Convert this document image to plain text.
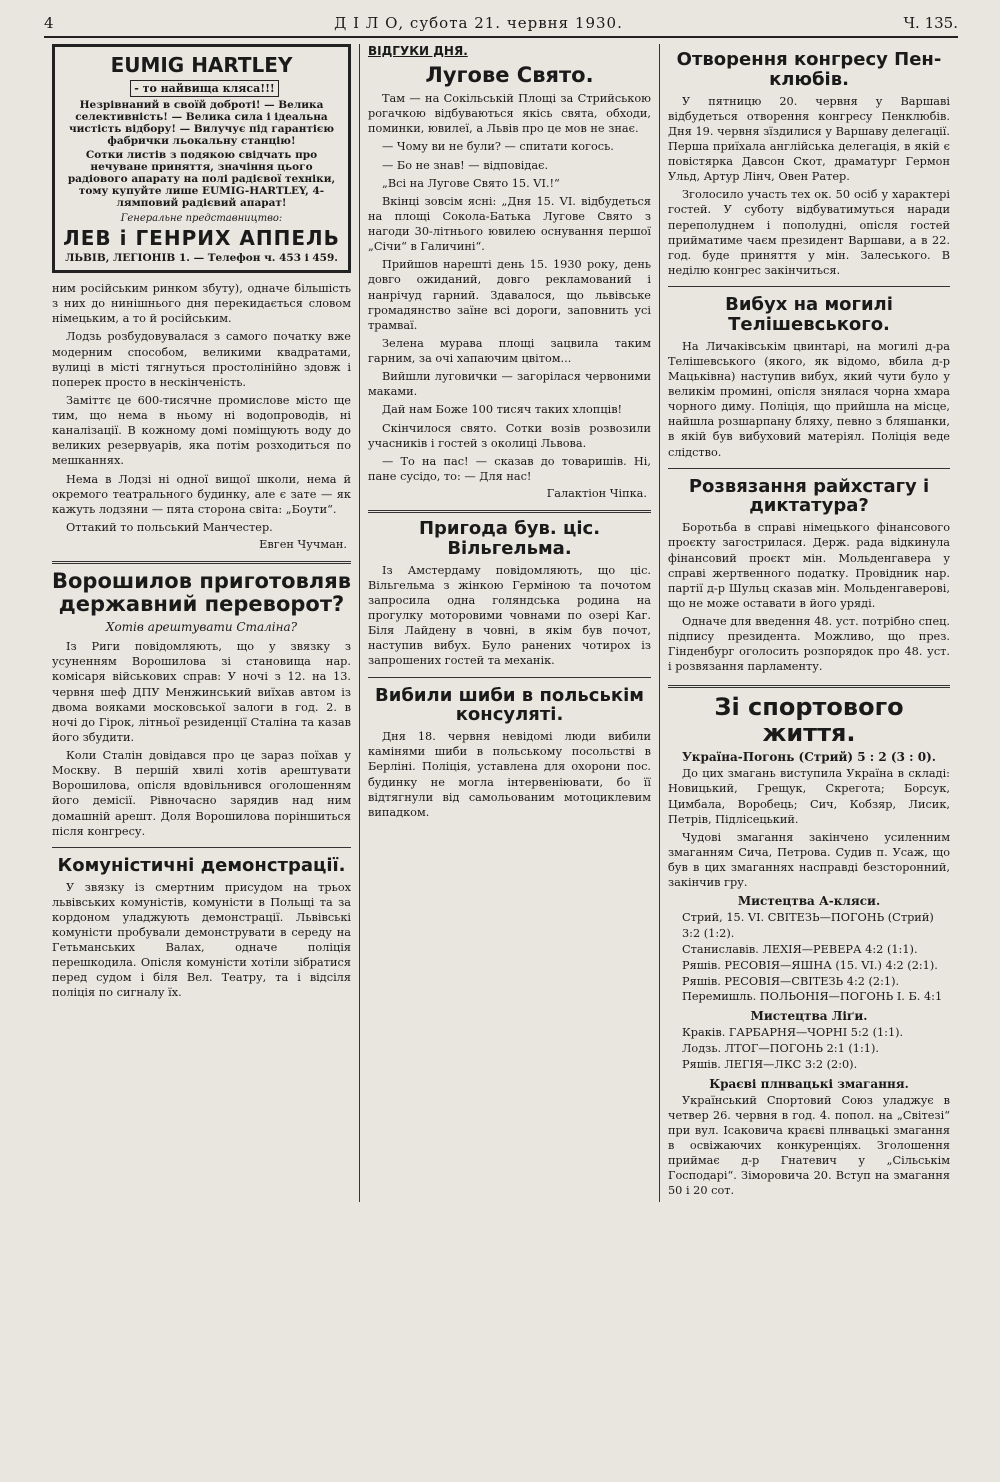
4	Д І Л О, субота 21. червня 1930.	Ч. 135.
EUMIG HARTLEY- то найвища кляса!!!
Незрівнаний в своїй доброті! — Велика селективність! — Велика сила і ідеальна чистість відбору! — Вилучує під гарантією фабрички льокальну станцію!
Сотки листів з подякою свідчать про нечуване приняття, значіння цього радіового апарату на полі радієвої техніки, тому купуйте лише EUMIG-HARTLEY, 4-лямповий радієвий апарат!
Генеральне представництво:
ЛЕВ і ГЕНРИХ АППЕЛЬ
ЛЬВІВ, ЛЕГІОНІВ 1. — Телефон ч. 453 і 459.

ним російським ринком збуту), одначе більшість з них до нинішнього дня перекидається словом німецьким, а то й російським.

Лодзь розбудовувалася з самого початку вже модерним способом, великими квадратами, вулиці в місті тягнуться простолінійно здовж і поперек просто в нескінченість.

Заміттє це 600-тисячне промислове місто ще тим, що нема в ньому ні водопроводів, ні каналізації. В кожному домі поміщують воду до великих резервуарів, яка потім розходиться по мешканнях.

Нема в Лодзі ні одної вищої школи, нема й окремого театрального будинку, але є зате — як кажуть лодзяни — пятa сторона світа: „Боути“.

Оттакий то польський Манчестер.

Евген Чучман.
Ворошилов приготовляв державний переворот?
Хотів арештувати Сталіна?

Із Риги повідомляють, що у звязку з усуненням Ворошилова зі становища нар. комісаря військових справ: У ночі з 12. на 13. червня шеф ДПУ Менжинський виїхав автом із двома вояками московської залоги в год. 2. в ночі до Гірок, літньої резиденції Сталіна та казав його збудити.

Коли Сталін довідався про це зараз поїхав у Москву. В першій хвилі хотів арештувати Ворошилова, опісля вдовільнився оголошенням його демісії. Рівночасно зарядив над ним домашній арешт. Доля Ворошилова поріншиться після конгресу.

Комуністичні демонстрації.

У звязку із смертним присудом на трьох львівських комуністів, комуністи в Польщі та за кордоном уладжують демонстрації. Львівські комуністи пробували демонструвати в середу на Гетьманських Валах, одначе поліція перешкодила. Опісля комуністи хотіли зібратися перед судом і біля Вел. Театру, та і відсіля поліція по сигналу їх.

ВІДГУКИ ДНЯ.
Лугове Свято.

Там — на Сокільській Площі за Стрийською рогачкою відбуваються якісь свята, обходи, поминки, ювилеї, а Львів про це мов не знає.

— Чому ви не були? — спитати когось.

— Бо не знав! — відповідає.

„Всі на Лугове Свято 15. VI.!“

Вкінці зовсім ясні: „Дня 15. VI. відбудеться на площі Сокола-Батька Лугове Свято з нагоди 30-літнього ювилею оснування першої „Січи“ в Галичині“.

Прийшов нарешті день 15. 1930 року, день довго ожиданий, довго рекламований і нанрічуд гарний. Здавалося, що львівське громадянство заїне всі дороги, заповнить усі трамваї.

Зелена мурава площі зацвила таким гарним, за очі хапаючим цвітом...

Вийшли луговички — загорілася червоними маками.

Дай нам Боже 100 тисяч таких хлопців!

Скінчилося свято. Сотки возів розвозили учасників і гостей з околиці Львова.

— То на пас! — сказав до товаришів. Ні, пане сусідо, то: — Для нас!

Галактіон Чіпка.
Пригода був. ціс. Вільгельма.

Із Амстердаму повідомляють, що ціс. Вільгельма з жінкою Герміною та почотом запросила одна голяндська родина на прогулку моторовими човнами по озері Каг. Біля Лайдену в човні, в якім був почот, наступив вибух. Було ранених чотирох із запрошених гостей та механік.

Вибили шиби в польськім консуляті.

Дня 18. червня невідомі люди вибили камінями шиби в польському посольстві в Берліні. Поліція, уставлена для охорони пос. будинку не могла інтервеніювати, бо її відтягнули від самольованим мотоциклевим випадком.

Отворення конгресу Пен-клюбів.

У пятницю 20. червня у Варшаві відбудеться отворення конгресу Пенклюбів. Дня 19. червня зїздилися у Варшаву делегації. Перша приїхала англійська делегація, в якій є повістярка Давсон Скот, драматург Гермон Ульд, Артур Лінч, Овен Ратер.

Зголосило участь тех ок. 50 осіб у характері гостей. У суботу відбуватимуться наради переполуднем і пополудні, опісля гостей прийматиме чаєм президент Варшави, а в 22. год. буде приняття у мін. Залеського. В неділю конгрес закінчиться.

Вибух на могилі Телішевського.

На Личаківськім цвинтарі, на могилі д-ра Телішевського (якого, як відомо, вбила д-р Мацьківна) наступив вибух, який чути було у великім промині, опісля знялася чорна хмара чорного диму. Поліція, що прийшла на місце, найшла розшарпану бляху, певно з бляшанки, в якій був вибуховий матеріял. Поліція веде слідство.

Розвязання райхстагу і диктатура?

Боротьба в справі німецького фінансового проєкту загострилася. Держ. рада відкинула фінансовий проєкт мін. Мольденгавера у справі жертвенного податку. Провідник нар. партії д-р Шульц сказав мін. Мольденгаверові, що не може оставати в його уряді.

Одначе для введення 48. уст. потрібно спец. підпису президента. Можливо, що през. Гінденбург оголосить розпорядок про 48. уст. і розвязання парламенту.

Зі спортового життя.
Україна-Погонь (Стрий) 5 : 2 (3 : 0).

До цих змагань виступила Україна в складі: Новицький, Грещук, Скрегота; Борсук, Цимбала, Воробець; Сич, Кобзяр, Лисик, Петрів, Підлісецький.

Чудові змагання закінчено усиленним змаганням Сича, Петрова. Судив п. Усаж, що був в цих змаганнях насправді безсторонний, закінчив гру.

Мистецтва А-кляси.

Стрий, 15. VI. СВІТЕЗЬ—ПОГОНЬ (Стрий) 3:2 (1:2).

Станиславів. ЛЕХІЯ—РЕВЕРА 4:2 (1:1).

Ряшів. РЕСОВІЯ—ЯШНА (15. VI.) 4:2 (2:1).

Ряшів. РЕСОВІЯ—СВІТЕЗЬ 4:2 (2:1).

Перемишль. ПОЛЬОНІЯ—ПОГОНЬ І. Б. 4:1

Мистецтва Ліґи.

Краків. ГАРБАРНЯ—ЧОРНІ 5:2 (1:1).

Лодзь. ЛТОГ—ПОГОНЬ 2:1 (1:1).

Ряшів. ЛЕГІЯ—ЛКС 3:2 (2:0).

Краєві плнвацькі змагання.

Український Спортовий Союз уладжує в четвер 26. червня в год. 4. попол. на „Світезі“ при вул. Ісаковича краєві плнвацькі змагання в освіжаючих конкуренціях. Зголошення приймає д-р Гнатевич у „Сільськім Господарі“. Зіморовича 20. Вступ на змагання 50 і 20 сот.
